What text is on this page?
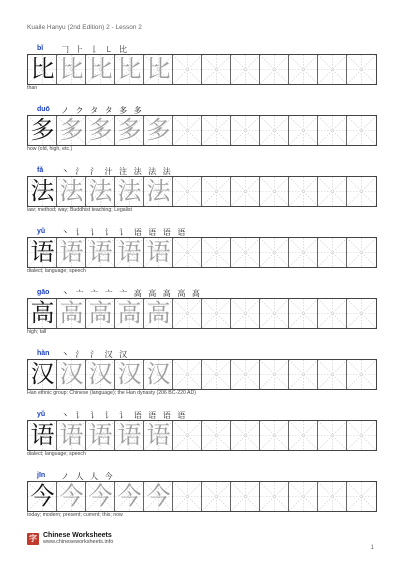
Kuaile Hanyu (2nd Edition) 2 - Lesson 2
bǐ 𠃌 ⺊ 𠄌 ㇄ 比
比 比 比 比 比
than
duō ノ ク タ タ 多 多
多 多 多 多 多
how (old, high, etc.)
fǎ 丶 氵 氵 汁 注 法 法 法
法 法 法 法 法
law; method; way; Buddhist teaching; Legalist
yǔ 丶 讠 讠 讠 讠 语 语 语 语
语 语 语 语 语
dialect; language; speech
gāo 丶 亠 亠 亠 亠 高 高 高 高 高
高 高 高 高 高
high; tall
hàn 丶 氵 氵 汉 汉
汉 汉 汉 汉 汉
Han ethnic group; Chinese (language); the Han dynasty (206 BC-220 AD)
yǔ 丶 讠 讠 讠 讠 语 语 语 语
语 语 语 语 语
dialect; language; speech
jīn ノ 人 人 今
今 今 今 今 今
today; modern; present; current; this; now
字 Chinese Worksheets
www.chineseworksheets.info
1
